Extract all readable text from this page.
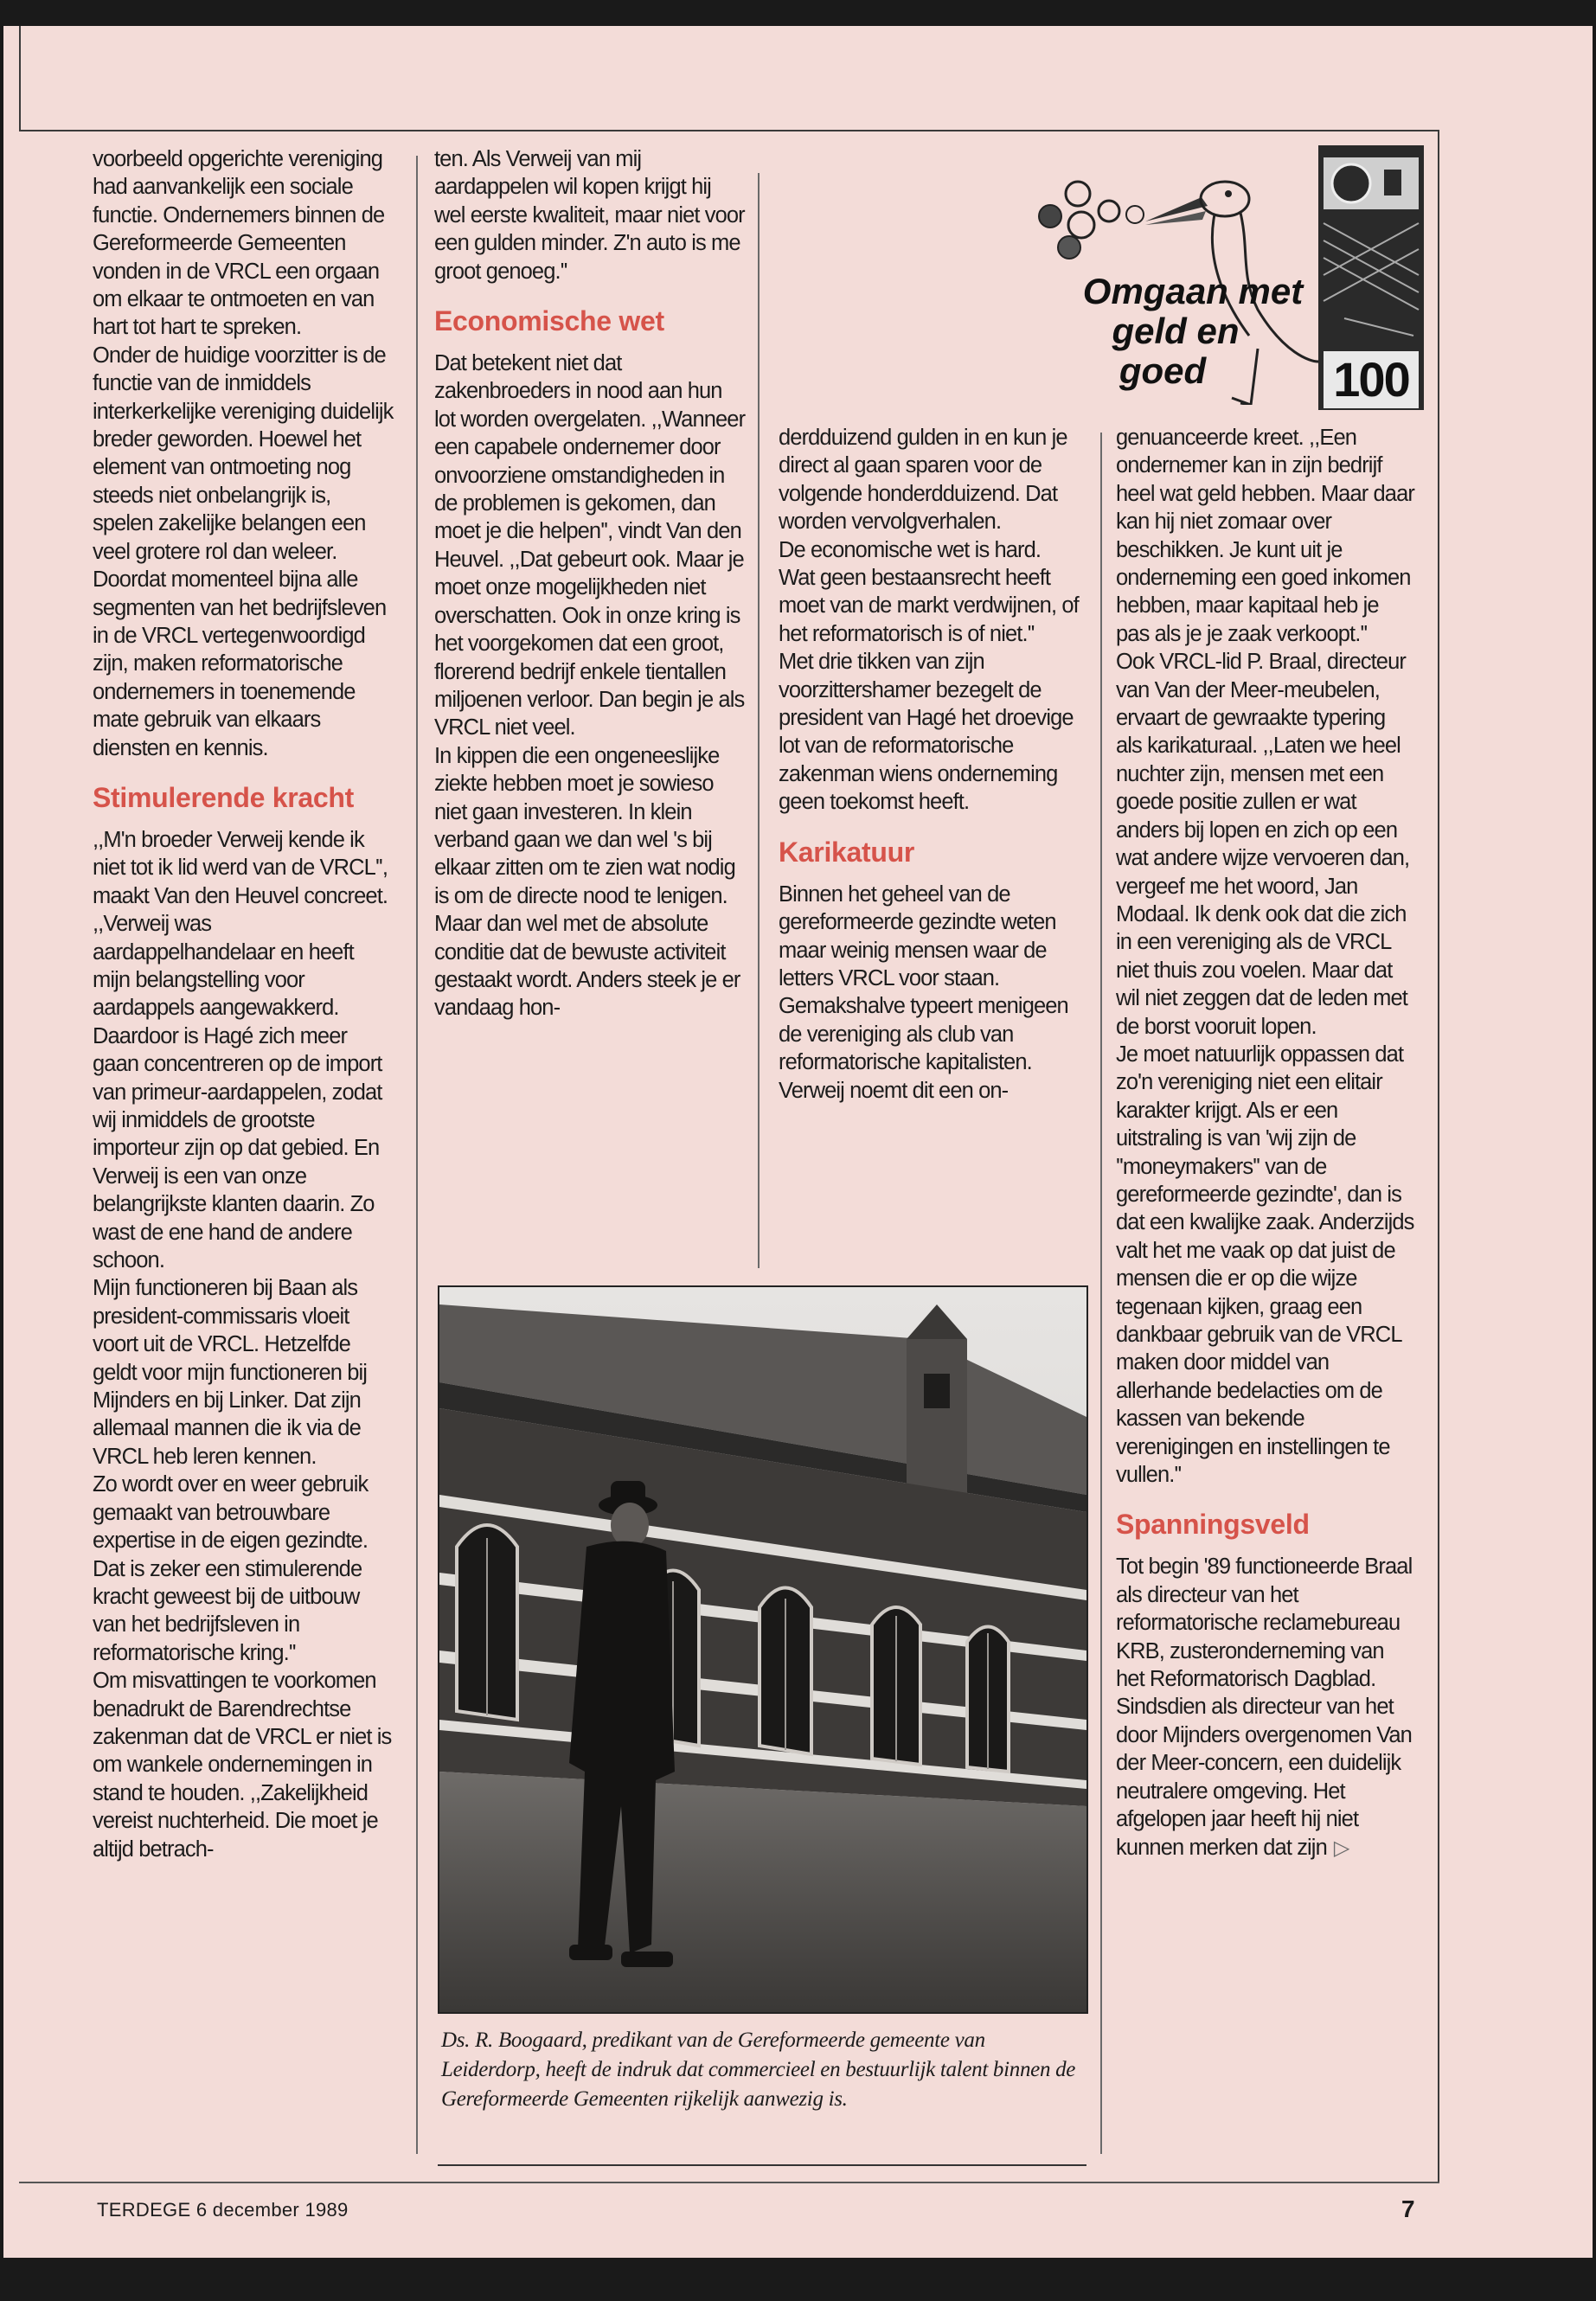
voorbeeld opgerichte vereniging had aanvankelijk een sociale functie. Ondernemers binnen de Gereformeerde Gemeenten vonden in de VRCL een orgaan om elkaar te ontmoeten en van hart tot hart te spreken.

Onder de huidige voorzitter is de functie van de inmiddels interkerkelijke vereniging duidelijk breder geworden. Hoewel het element van ontmoeting nog steeds niet onbelangrijk is, spelen zakelijke belangen een veel grotere rol dan weleer. Doordat momenteel bijna alle segmenten van het bedrijfsleven in de VRCL vertegenwoordigd zijn, maken reformatorische ondernemers in toenemende mate gebruik van elkaars diensten en kennis.

Stimulerende kracht

,,M'n broeder Verweij kende ik niet tot ik lid werd van de VRCL'', maakt Van den Heuvel concreet. ,,Verweij was aardappelhandelaar en heeft mijn belangstelling voor aardappels aangewakkerd. Daardoor is Hagé zich meer gaan concentreren op de import van primeur-aardappelen, zodat wij inmiddels de grootste importeur zijn op dat gebied. En Verweij is een van onze belangrijkste klanten daarin. Zo wast de ene hand de andere schoon.

Mijn functioneren bij Baan als president-commissaris vloeit voort uit de VRCL. Hetzelfde geldt voor mijn functioneren bij Mijnders en bij Linker. Dat zijn allemaal mannen die ik via de VRCL heb leren kennen.

Zo wordt over en weer gebruik gemaakt van betrouwbare expertise in de eigen gezindte. Dat is zeker een stimulerende kracht geweest bij de uitbouw van het bedrijfsleven in reformatorische kring.''

Om misvattingen te voorkomen benadrukt de Barendrechtse zakenman dat de VRCL er niet is om wankele ondernemingen in stand te houden. ,,Zakelijkheid vereist nuchterheid. Die moet je altijd betrach-

ten. Als Verweij van mij aardappelen wil kopen krijgt hij wel eerste kwaliteit, maar niet voor een gulden minder. Z'n auto is me groot genoeg.''

Economische wet

Dat betekent niet dat zakenbroeders in nood aan hun lot worden overgelaten. ,,Wanneer een capabele ondernemer door onvoorziene omstandigheden in de problemen is gekomen, dan moet je die helpen'', vindt Van den Heuvel. ,,Dat gebeurt ook. Maar je moet onze mogelijkheden niet overschatten. Ook in onze kring is het voorgekomen dat een groot, florerend bedrijf enkele tientallen miljoenen verloor. Dan begin je als VRCL niet veel.

In kippen die een ongeneeslijke ziekte hebben moet je sowieso niet gaan investeren. In klein verband gaan we dan wel 's bij elkaar zitten om te zien wat nodig is om de directe nood te lenigen. Maar dan wel met de absolute conditie dat de bewuste activiteit gestaakt wordt. Anders steek je er vandaag hon-

derdduizend gulden in en kun je direct al gaan sparen voor de volgende honderdduizend. Dat worden vervolgverhalen.

De economische wet is hard. Wat geen bestaansrecht heeft moet van de markt verdwijnen, of het reformatorisch is of niet.''

Met drie tikken van zijn voorzittershamer bezegelt de president van Hagé het droevige lot van de reformatorische zakenman wiens onderneming geen toekomst heeft.

Karikatuur

Binnen het geheel van de gereformeerde gezindte weten maar weinig mensen waar de letters VRCL voor staan. Gemakshalve typeert menigeen de vereniging als club van reformatorische kapitalisten. Verweij noemt dit een on-

genuanceerde kreet. ,,Een ondernemer kan in zijn bedrijf heel wat geld hebben. Maar daar kan hij niet zomaar over beschikken. Je kunt uit je onderneming een goed inkomen hebben, maar kapitaal heb je pas als je je zaak verkoopt.''

Ook VRCL-lid P. Braal, directeur van Van der Meer-meubelen, ervaart de gewraakte typering als karikaturaal. ,,Laten we heel nuchter zijn, mensen met een goede positie zullen er wat anders bij lopen en zich op een wat andere wijze vervoeren dan, vergeef me het woord, Jan Modaal. Ik denk ook dat die zich in een vereniging als de VRCL niet thuis zou voelen. Maar dat wil niet zeggen dat de leden met de borst vooruit lopen.

Je moet natuurlijk oppassen dat zo'n vereniging niet een elitair karakter krijgt. Als er een uitstraling is van 'wij zijn de ''moneymakers'' van de gereformeerde gezindte', dan is dat een kwalijke zaak. Anderzijds valt het me vaak op dat juist de mensen die er op die wijze tegenaan kijken, graag een dankbaar gebruik van de VRCL maken door middel van allerhande bedelacties om de kassen van bekende verenigingen en instellingen te vullen.''

Spanningsveld

Tot begin '89 functioneerde Braal als directeur van het reformatorische reclamebureau KRB, zusteronderneming van het Reformatorisch Dagblad. Sindsdien als directeur van het door Mijnders overgenomen Van der Meer-concern, een duidelijk neutralere omgeving. Het afgelopen jaar heeft hij niet kunnen merken dat zijn ▷
100
Omgaan met
geld en
goed
Ds. R. Boogaard, predikant van de Gereformeerde gemeente van Leiderdorp, heeft de indruk dat commercieel en bestuurlijk talent binnen de Gereformeerde Gemeenten rijkelijk aanwezig is.
TERDEGE 6 december 1989	7
